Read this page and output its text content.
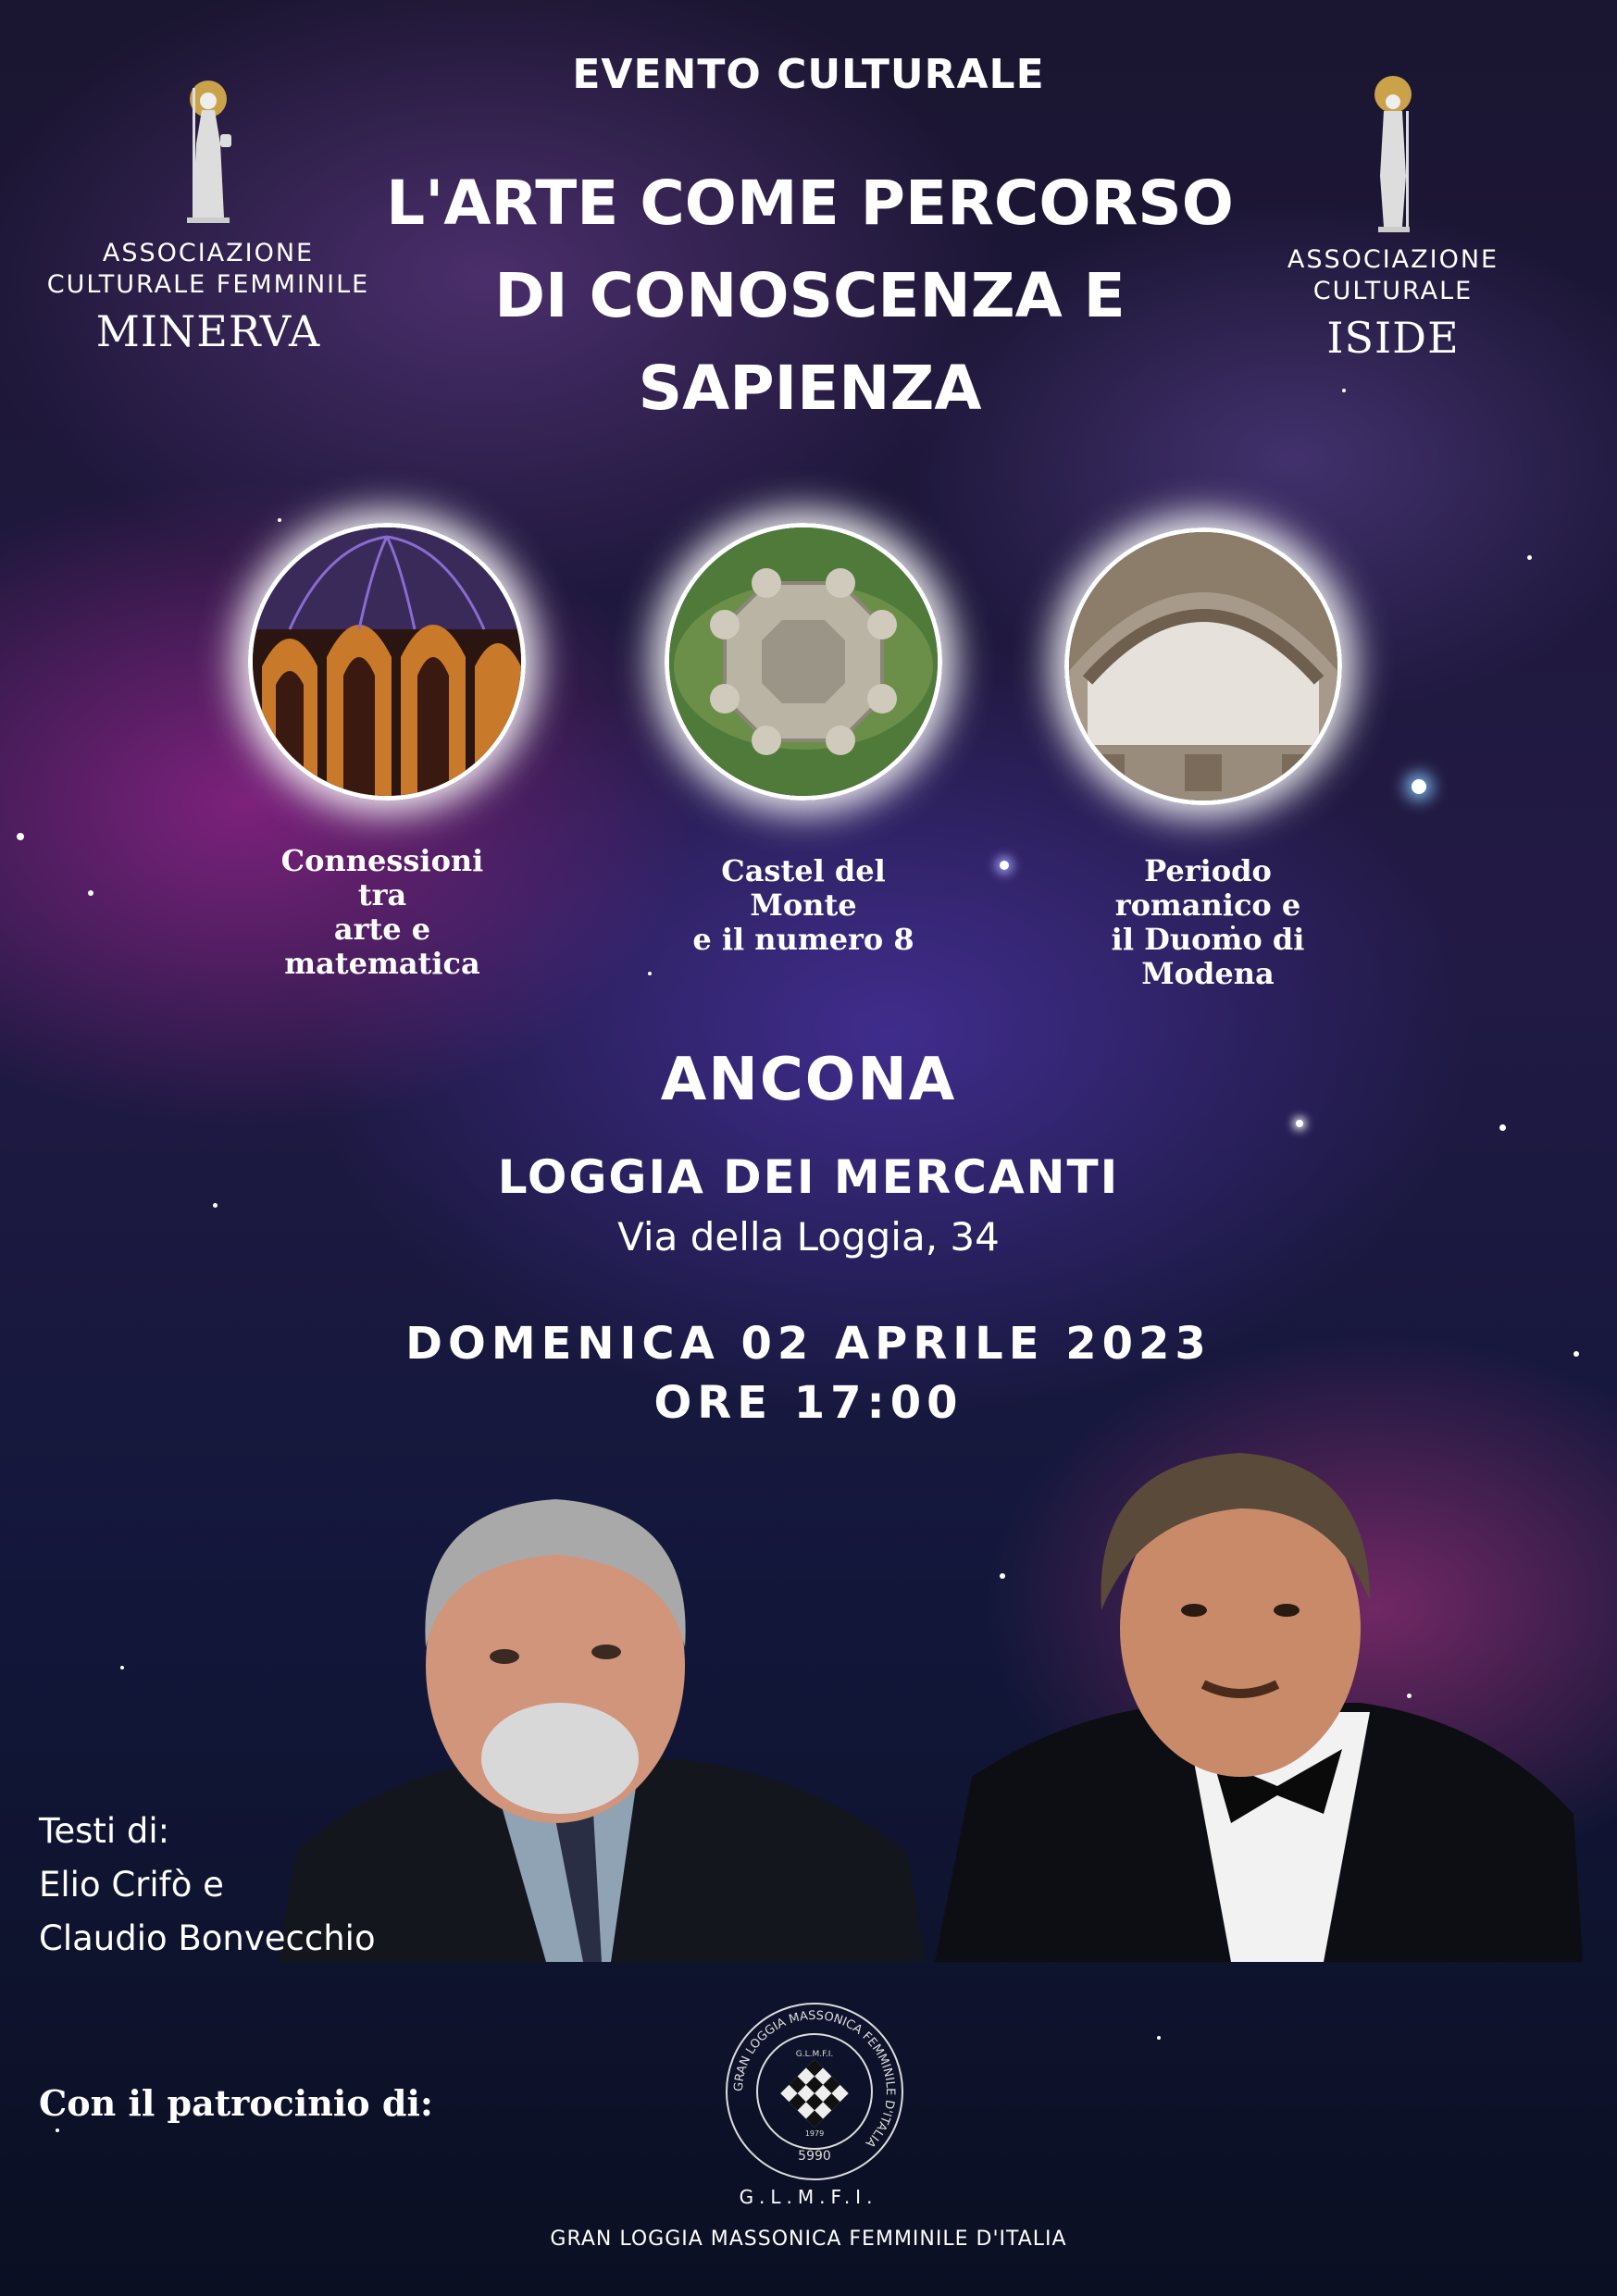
EVENTO CULTURALE
L'ARTE COME PERCORSO
DI CONOSCENZA E
SAPIENZA
ASSOCIAZIONE
CULTURALE FEMMINILE
MINERVA
ASSOCIAZIONE
CULTURALE
ISIDE
Connessioni
tra
arte e
matematica
Castel del
Monte
e il numero 8
Periodo
romanico e
il Duomo di
Modena
ANCONA
LOGGIA DEI MERCANTI
Via della Loggia, 34
DOMENICA 02 APRILE 2023
ORE 17:00
Testi di:
Elio Crifò e
Claudio Bonvecchio
Con il patrocinio di:	GRAN LOGGIA MASSONICA FEMMINILE D'ITALIA
G.L.M.F.I.
1979
5990
G.L.M.F.I.
GRAN LOGGIA MASSONICA FEMMINILE D'ITALIA
